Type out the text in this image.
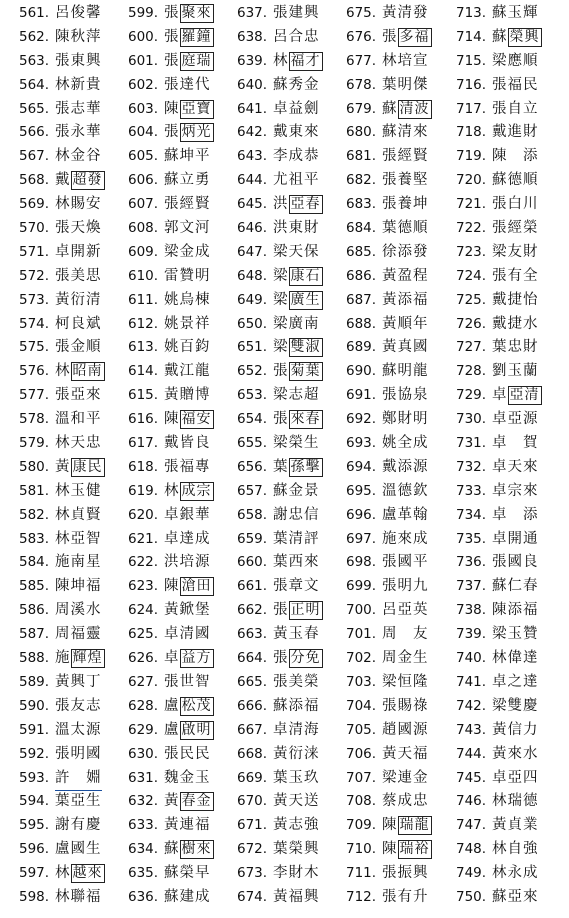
561. 呂俊馨
562. 陳秋萍
563. 張東興
564. 林新貴
565. 張志華
566. 張永華
567. 林金谷
568. 戴 超發
569. 林賜安
570. 張天煥
571. 卓開新
572. 張美思
573. 黃衍清
574. 柯良斌
575. 張金順
576. 林 昭南
577. 張亞來
578. 溫和平
579. 林天忠
580. 黃 康民
581. 林玉健
582. 林貞賢
583. 林亞智
584. 施南星
585. 陳坤福
586. 周溪水
587. 周福靈
588. 施 輝煌
589. 黃興丁
590. 張友志
591. 溫太源
592. 張明國
593. 許　婣
594. 葉亞生
595. 謝有慶
596. 盧國生
597. 林 越來
598. 林聯福
599. 張 聚來
600. 張 羅鐘
601. 張 庭瑞
602. 張達代
603. 陳 亞寶
604. 張 炳光
605. 蘇坤平
606. 蘇立勇
607. 張經賢
608. 郭文河
609. 梁金成
610. 雷贊明
611. 姚烏棟
612. 姚景祥
613. 姚百鈞
614. 戴江龍
615. 黃贈博
616. 陳 福安
617. 戴皆良
618. 張福專
619. 林 成宗
620. 卓銀華
621. 卓達成
622. 洪培源
623. 陳 滄田
624. 黃鍁堡
625. 卓清國
626. 卓 益方
627. 張世智
628. 盧 松茂
629. 盧 啟明
630. 張民民
631. 魏金玉
632. 黃 春金
633. 黃連福
634. 蘇 樹來
635. 蘇榮早
636. 蘇建成
637. 張建興
638. 呂合忠
639. 林 福才
640. 蘇秀金
641. 卓益劍
642. 戴東來
643. 李成恭
644. 尤祖平
645. 洪 亞春
646. 洪東財
647. 梁天保
648. 梁 康石
649. 梁 廣生
650. 梁廣南
651. 梁 雙淑
652. 張 菊葉
653. 梁志超
654. 張 來春
655. 梁榮生
656. 葉 孫擊
657. 蘇金景
658. 謝忠信
659. 葉清評
660. 葉西來
661. 張章文
662. 張 正明
663. 黃玉春
664. 張 分免
665. 張美榮
666. 蘇添福
667. 卓清海
668. 黃衍涞
669. 葉玉玖
670. 黃天送
671. 黃志強
672. 葉榮興
673. 李財木
674. 黃福興
675. 黃清發
676. 張 多福
677. 林培宣
678. 葉明傑
679. 蘇 清波
680. 蘇清來
681. 張經賢
682. 張養堅
683. 張養坤
684. 葉德順
685. 徐添發
686. 黃盈程
687. 黃添福
688. 黃順年
689. 黃真國
690. 蘇明龍
691. 張協泉
692. 鄭財明
693. 姚全成
694. 戴添源
695. 溫德欽
696. 盧革翰
697. 施來成
698. 張國平
699. 張明九
700. 呂亞英
701. 周　友
702. 周金生
703. 梁恒隆
704. 張賜祿
705. 趙國源
706. 黃天福
707. 梁連金
708. 蔡成忠
709. 陳 瑞龍
710. 陳 瑞裕
711. 張振興
712. 張有升
713. 蘇玉輝
714. 蘇 榮興
715. 梁應順
716. 張福民
717. 張自立
718. 戴進財
719. 陳　添
720. 蘇德順
721. 張白川
722. 張經榮
723. 梁友財
724. 張有全
725. 戴捷怡
726. 戴捷水
727. 葉忠財
728. 劉玉蘭
729. 卓 亞清
730. 卓亞源
731. 卓　賀
732. 卓天來
733. 卓宗來
734. 卓　添
735. 卓開通
736. 張國良
737. 蘇仁春
738. 陳添福
739. 梁玉贊
740. 林偉達
741. 卓之達
742. 梁雙慶
743. 黃信力
744. 黃來水
745. 卓亞四
746. 林瑞德
747. 黃貞業
748. 林自強
749. 林永成
750. 蘇亞來
